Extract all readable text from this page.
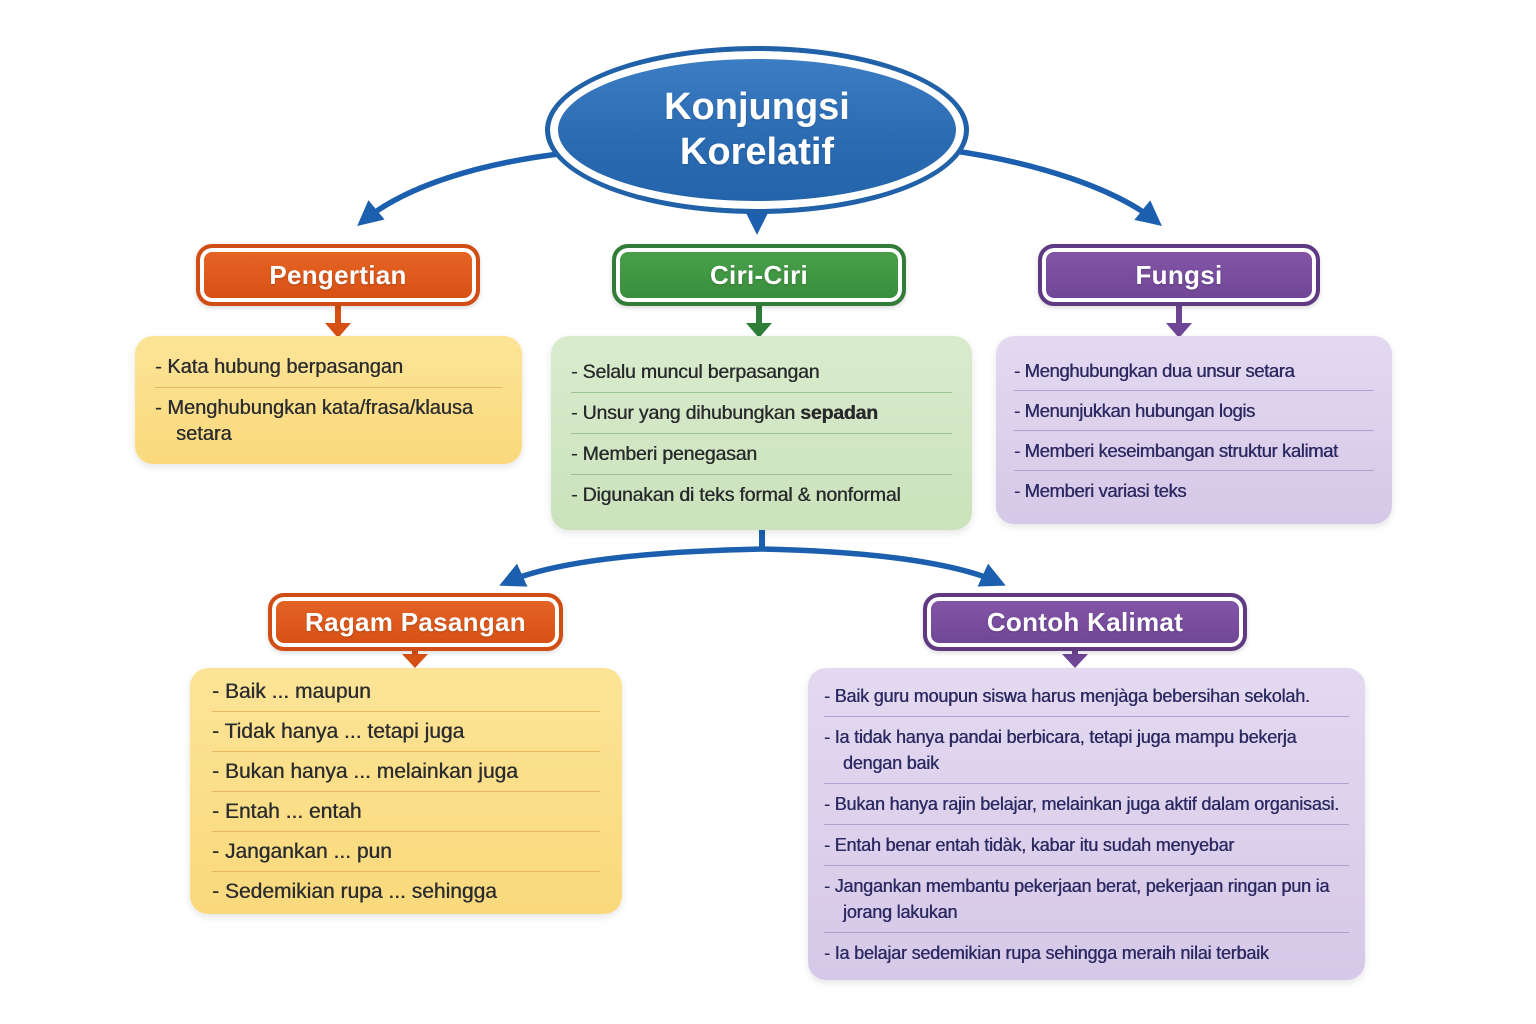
Konjungsi Korelatif
Pengertian	Ciri-Ciri	Fungsi
Ragam Pasangan	Contoh Kalimat
- Kata hubung berpasangan
- Menghubungkan kata/frasa/klausa setara
- Selalu muncul berpasangan
- Unsur yang dihubungkan sepadan
- Memberi penegasan
- Digunakan di teks formal & nonformal
- Menghubungkan dua unsur setara
- Menunjukkan hubungan logis
- Memberi keseimbangan struktur kalimat
- Memberi variasi teks
- Baik ... maupun
- Tidak hanya ... tetapi juga
- Bukan hanya ... melainkan juga
- Entah ... entah
- Jangankan ... pun
- Sedemikian rupa ... sehingga
- Baik guru moupun siswa harus menjàga bebersihan sekolah.
- Ia tidak hanya pandai berbicara, tetapi juga mampu bekerja dengan baik
- Bukan hanya rajin belajar, melainkan juga aktif dalam organisasi.
- Entah benar entah tidàk, kabar itu sudah menyebar
- Jangankan membantu pekerjaan berat, pekerjaan ringan pun ia jorang lakukan
- Ia belajar sedemikian rupa sehingga meraih nilai terbaik
